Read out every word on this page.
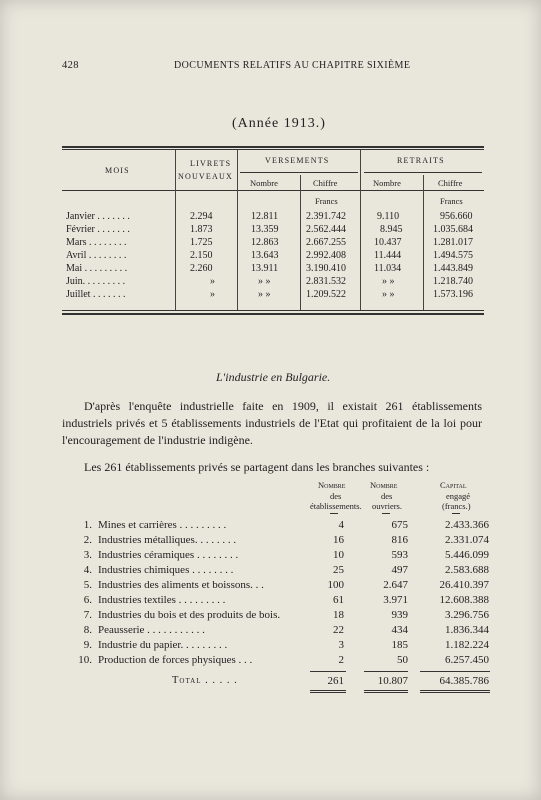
428	DOCUMENTS RELATIFS AU CHAPITRE SIXIÈME
(Année 1913.)
MOIS
LIVRETS
NOUVEAUX
VERSEMENTS	RETRAITS
Nombre	Chiffre	Nombre	Chiffre
Francs	Francs
Janvier . . . . . . .	2.294	12.811	2.391.742	9.110	956.660
Février . . . . . . .	1.873	13.359	2.562.444	8.945	1.035.684
Mars . . . . . . . .	1.725	12.863	2.667.255	10.437	1.281.017
Avril . . . . . . . .	2.150	13.643	2.992.408	11.444	1.494.575
Mai . . . . . . . . .	2.260	13.911	3.190.410	11.034	1.443.849
Juin. . . . . . . . .	»	» »	2.831.532	» »	1.218.740
Juillet . . . . . . .	»	» »	1.209.522	» »	1.573.196
L'industrie en Bulgarie.

D'après l'enquête industrielle faite en 1909, il existait 261 établissements industriels privés et 5 établissements industriels de l'Etat qui profitaient de la loi pour l'encouragement de l'industrie indigène.

Les 261 établissements privés se partagent dans les branches suivantes :

Nombre
des
établissements.
Nombre
des
ouvriers.
Capital
engagé
(francs.)
1. Mines et carrières . . . . . . . . .	4	675	2.433.366
2. Industries métalliques. . . . . . . .	16	816	2.331.074
3. Industries céramiques . . . . . . . .	10	593	5.446.099
4. Industries chimiques . . . . . . . .	25	497	2.583.688
5. Industries des aliments et boissons. . .	100	2.647	26.410.397
6. Industries textiles . . . . . . . . .	61	3.971	12.608.388
7. Industries du bois et des produits de bois.	18	939	3.296.756
8. Peausserie . . . . . . . . . . .	22	434	1.836.344
9. Industrie du papier. . . . . . . . .	3	185	1.182.224
10. Production de forces physiques . . .	2	50	6.257.450
Total . . . . .	261	10.807	64.385.786
